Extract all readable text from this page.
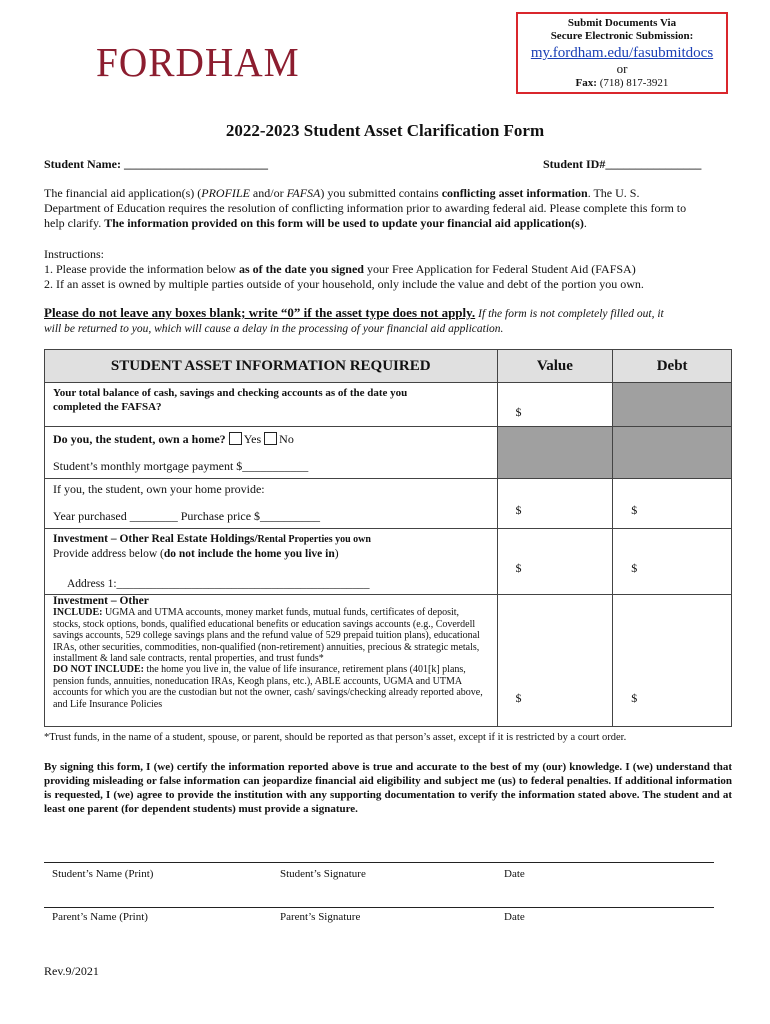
FORDHAM
Submit Documents Via
Secure Electronic Submission:
my.fordham.edu/fasubmitdocs
or
Fax: (718) 817-3921
2022-2023 Student Asset Clarification Form
Student Name: ________________________	Student ID#________________
The financial aid application(s) (PROFILE and/or FAFSA) you submitted contains conflicting asset information. The U. S.
Department of Education requires the resolution of conflicting information prior to awarding federal aid. Please complete this form to
help clarify. The information provided on this form will be used to update your financial aid application(s).
Instructions:
1. Please provide the information below as of the date you signed your Free Application for Federal Student Aid (FAFSA)
2. If an asset is owned by multiple parties outside of your household, only include the value and debt of the portion you own.
Please do not leave any boxes blank; write “0” if the asset type does not apply. If the form is not completely filled out, it
will be returned to you, which will cause a delay in the processing of your financial aid application.
STUDENT ASSET INFORMATION REQUIRED	Value	Debt

Your total balance of cash, savings and checking accounts as of the date you
completed the FAFSA?	$	

Do you, the student, own a home? Yes No
Student’s monthly mortgage payment $___________		

If you, the student, own your home provide:
Year purchased ________ Purchase price $__________	$	$

Investment – Other Real Estate Holdings/Rental Properties you own
Provide address below (do not include the home you live in)
Address 1:____________________________________________	$	$

Investment – Other
INCLUDE: UGMA and UTMA accounts, money market funds, mutual funds, certificates of deposit, stocks, stock options, bonds, qualified educational benefits or education savings accounts (e.g., Coverdell savings accounts, 529 college savings plans and the refund value of 529 prepaid tuition plans), educational IRAs, other securities, commodities, non-qualified (non-retirement) annuities, precious & strategic metals, installment & land sale contracts, rental properties, and trust funds*
DO NOT INCLUDE: the home you live in, the value of life insurance, retirement plans (401[k] plans, pension funds, annuities, noneducation IRAs, Keogh plans, etc.), ABLE accounts, UGMA and UTMA accounts for which you are the custodian but not the owner, cash/ savings/checking already reported above, and Life Insurance Policies	$	$
*Trust funds, in the name of a student, spouse, or parent, should be reported as that person’s asset, except if it is restricted by a court order.
By signing this form, I (we) certify the information reported above is true and accurate to the best of my (our) knowledge. I (we) understand that providing misleading or false information can jeopardize financial aid eligibility and subject me (us) to federal penalties. If additional information is requested, I (we) agree to provide the institution with any supporting documentation to verify the information stated above. The student and at least one parent (for dependent students) must provide a signature.
Student’s Name (Print)	Student’s Signature	Date
Parent’s Name (Print)	Parent’s Signature	Date
Rev.9/2021
